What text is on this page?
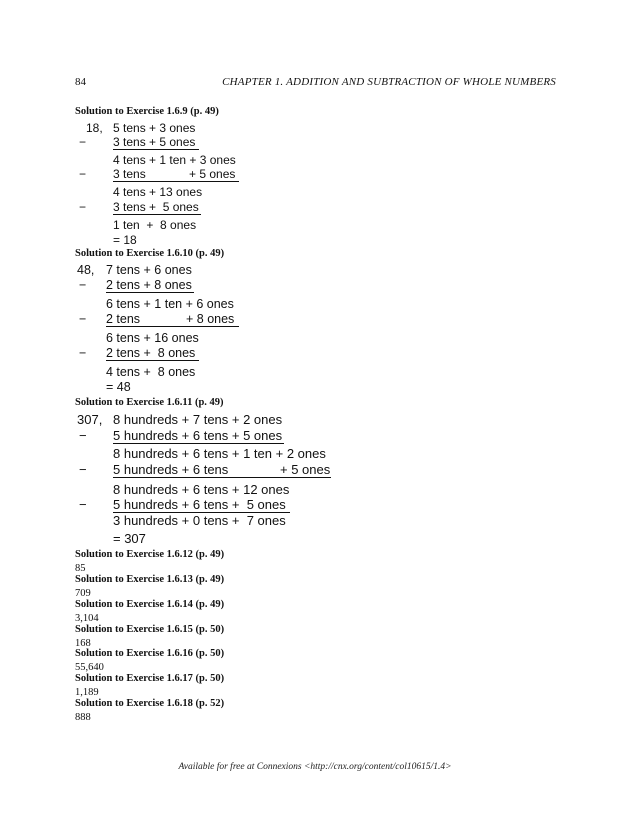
84	CHAPTER 1. ADDITION AND SUBTRACTION OF WHOLE NUMBERS
Solution to Exercise 1.6.9 (p. 49)
18, 5 tens + 3 ones
− 3 tens + 5 ones
4 tens + 1 ten + 3 ones
− 3 tens	+ 5 ones
4 tens + 13 ones
− 3 tens +  5 ones
1 ten  +  8 ones
= 18
Solution to Exercise 1.6.10 (p. 49)
48, 7 tens + 6 ones
− 2 tens + 8 ones
6 tens + 1 ten + 6 ones
− 2 tens	+ 8 ones
6 tens + 16 ones
− 2 tens +  8 ones
4 tens +  8 ones
= 48
Solution to Exercise 1.6.11 (p. 49)
307, 8 hundreds + 7 tens + 2 ones
− 5 hundreds + 6 tens + 5 ones
8 hundreds + 6 tens + 1 ten + 2 ones
− 5 hundreds + 6 tens	+ 5 ones
8 hundreds + 6 tens + 12 ones
− 5 hundreds + 6 tens +  5 ones
3 hundreds + 0 tens +  7 ones
= 307
Solution to Exercise 1.6.12 (p. 49)
85
Solution to Exercise 1.6.13 (p. 49)
709
Solution to Exercise 1.6.14 (p. 49)
3,104
Solution to Exercise 1.6.15 (p. 50)
168
Solution to Exercise 1.6.16 (p. 50)
55,640
Solution to Exercise 1.6.17 (p. 50)
1,189
Solution to Exercise 1.6.18 (p. 52)
888
Available for free at Connexions <http://cnx.org/content/col10615/1.4>
